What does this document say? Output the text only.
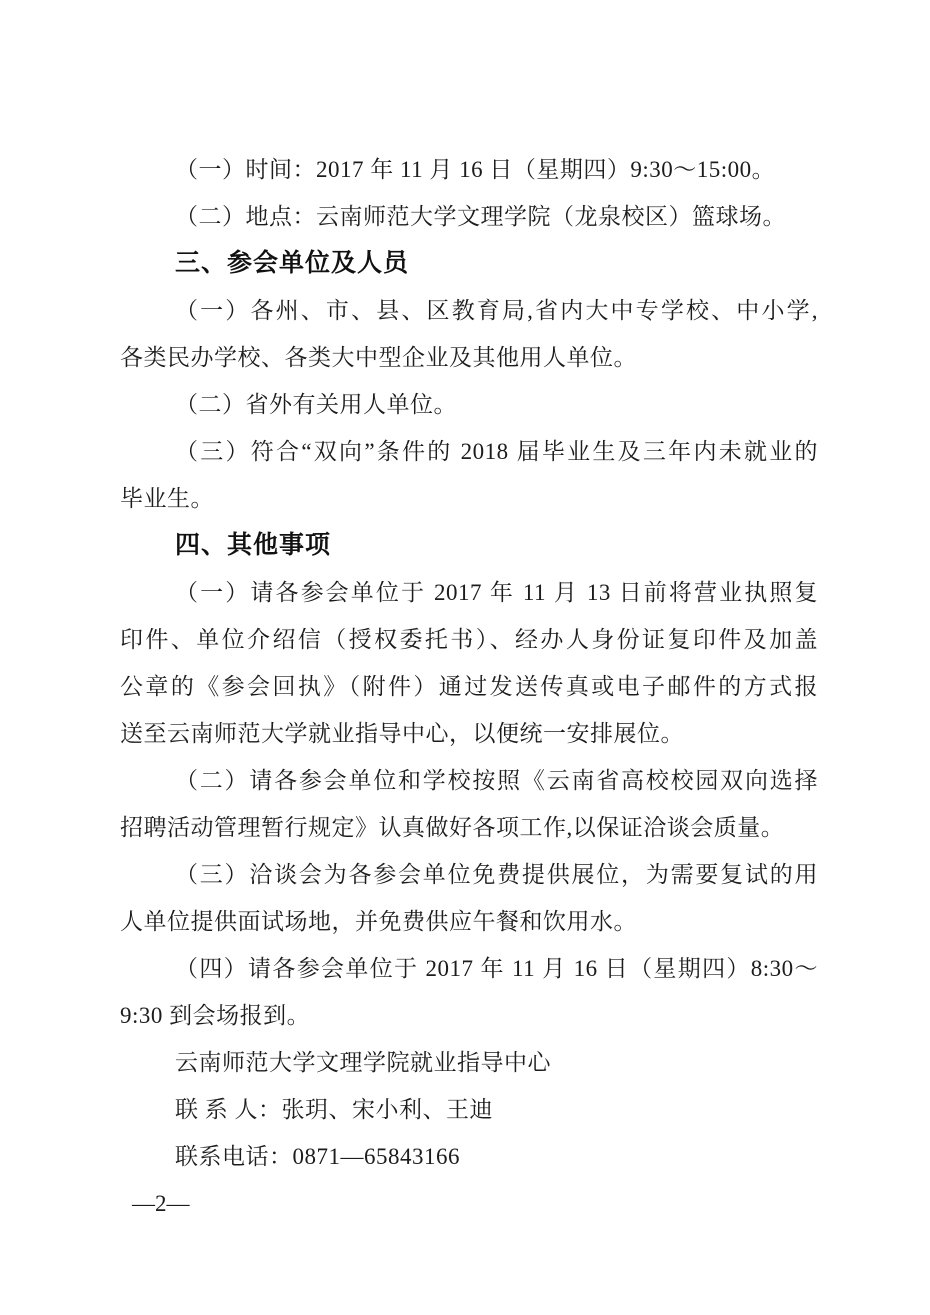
（一）时间：2017 年 11 月 16 日（星期四）9:30～15:00。

（二）地点：云南师范大学文理学院（龙泉校区）篮球场。

三、参会单位及人员

（一）各州、市、县、区教育局,省内大中专学校、中小学,

各类民办学校、各类大中型企业及其他用人单位。

（二）省外有关用人单位。

（三）符合“双向”条件的 2018 届毕业生及三年内未就业的

毕业生。

四、其他事项

（一）请各参会单位于 2017 年 11 月 13 日前将营业执照复

印件、单位介绍信（授权委托书）、经办人身份证复印件及加盖

公章的《参会回执》（附件）通过发送传真或电子邮件的方式报

送至云南师范大学就业指导中心，以便统一安排展位。

（二）请各参会单位和学校按照《云南省高校校园双向选择

招聘活动管理暂行规定》认真做好各项工作,以保证洽谈会质量。

（三）洽谈会为各参会单位免费提供展位，为需要复试的用

人单位提供面试场地，并免费供应午餐和饮用水。

（四）请各参会单位于 2017 年 11 月 16 日（星期四）8:30～

9:30 到会场报到。

云南师范大学文理学院就业指导中心

联 系 人：张玥、宋小利、王迪

联系电话：0871—65843166

—2—
